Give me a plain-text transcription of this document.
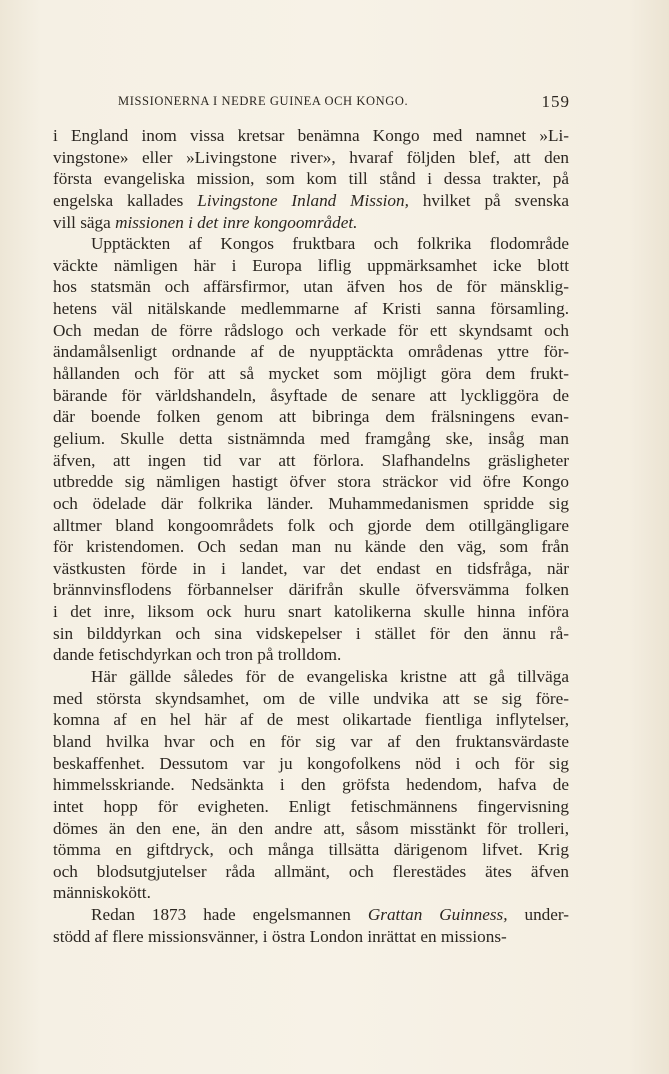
MISSIONERNA I NEDRE GUINEA OCH KONGO.	159
i England inom vissa kretsar benämna Kongo med namnet »Li-
vingstone» eller »Livingstone river», hvaraf följden blef, att den
första evangeliska mission, som kom till stånd i dessa trakter, på
engelska kallades Livingstone Inland Mission, hvilket på svenska
vill säga missionen i det inre kongoområdet.
Upptäckten af Kongos fruktbara och folkrika flodområde
väckte nämligen här i Europa liflig uppmärksamhet icke blott
hos statsmän och affärsfirmor, utan äfven hos de för mänsklig-
hetens väl nitälskande medlemmarne af Kristi sanna församling.
Och medan de förre rådslogo och verkade för ett skyndsamt och
ändamålsenligt ordnande af de nyupptäckta områdenas yttre för-
hållanden och för att så mycket som möjligt göra dem frukt-
bärande för världshandeln, åsyftade de senare att lyckliggöra de
där boende folken genom att bibringa dem frälsningens evan-
gelium. Skulle detta sistnämnda med framgång ske, insåg man
äfven, att ingen tid var att förlora. Slafhandelns gräsligheter
utbredde sig nämligen hastigt öfver stora sträckor vid öfre Kongo
och ödelade där folkrika länder. Muhammedanismen spridde sig
alltmer bland kongoområdets folk och gjorde dem otillgängligare
för kristendomen. Och sedan man nu kände den väg, som från
västkusten förde in i landet, var det endast en tidsfråga, när
brännvinsflodens förbannelser därifrån skulle öfversvämma folken
i det inre, liksom ock huru snart katolikerna skulle hinna införa
sin bilddyrkan och sina vidskepelser i stället för den ännu rå-
dande fetischdyrkan och tron på trolldom.
Här gällde således för de evangeliska kristne att gå tillväga
med största skyndsamhet, om de ville undvika att se sig före-
komna af en hel här af de mest olikartade fientliga inflytelser,
bland hvilka hvar och en för sig var af den fruktansvärdaste
beskaffenhet. Dessutom var ju kongofolkens nöd i och för sig
himmelsskriande. Nedsänkta i den gröfsta hedendom, hafva de
intet hopp för evigheten. Enligt fetischmännens fingervisning
dömes än den ene, än den andre att, såsom misstänkt för trolleri,
tömma en giftdryck, och många tillsätta därigenom lifvet. Krig
och blodsutgjutelser råda allmänt, och flerestädes ätes äfven
människokött.
Redan 1873 hade engelsmannen Grattan Guinness, under-
stödd af flere missionsvänner, i östra London inrättat en missions-
